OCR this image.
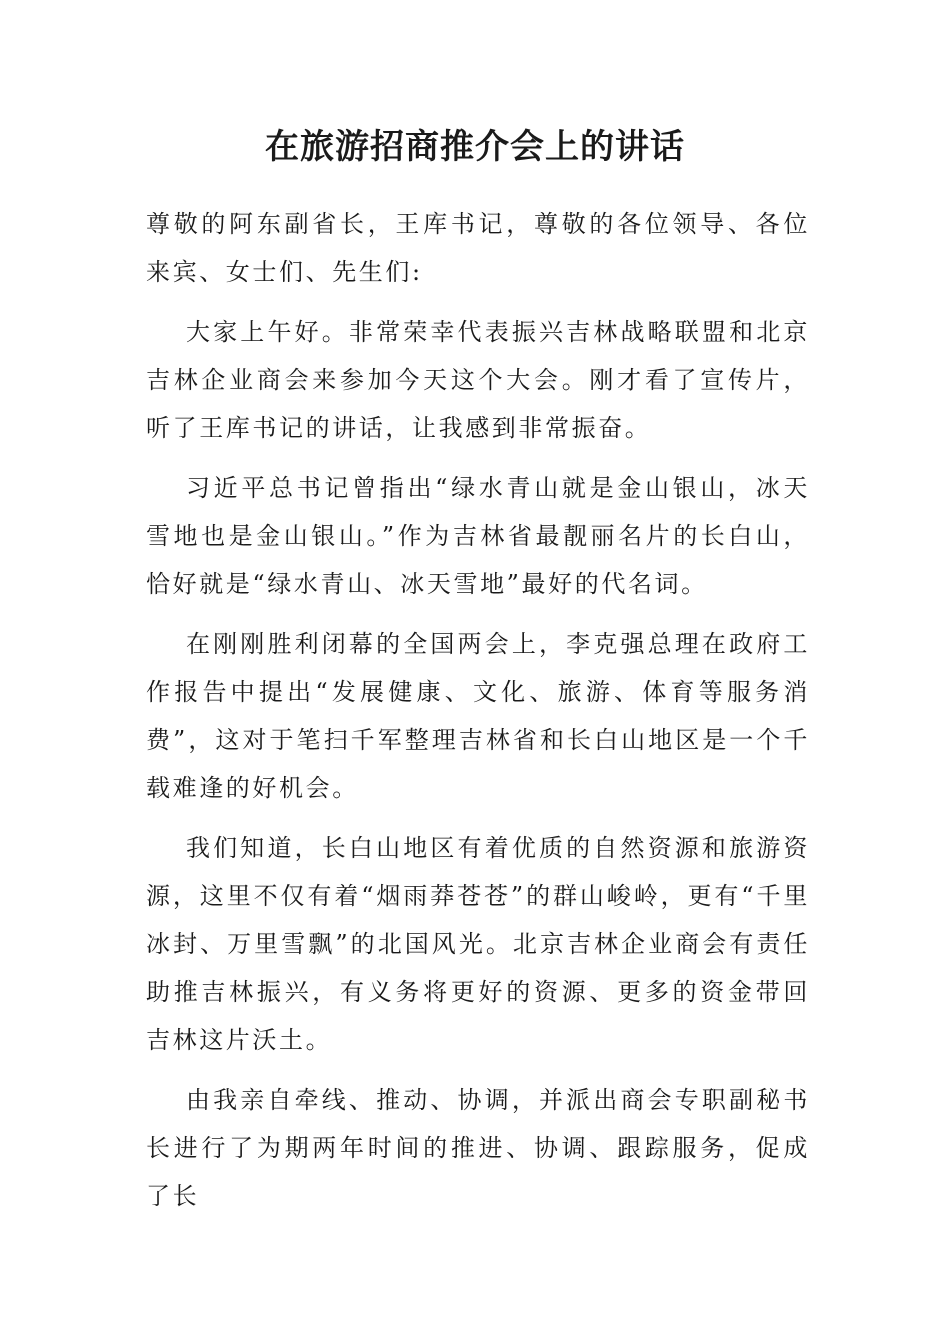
在旅游招商推介会上的讲话

尊敬的阿东副省长，王库书记，尊敬的各位领导、各位来宾、女士们、先生们:

大家上午好。非常荣幸代表振兴吉林战略联盟和北京吉林企业商会来参加今天这个大会。刚才看了宣传片，听了王库书记的讲话，让我感到非常振奋。

习近平总书记曾指出“绿水青山就是金山银山，冰天雪地也是金山银山。”作为吉林省最靓丽名片的长白山，恰好就是“绿水青山、冰天雪地”最好的代名词。

在刚刚胜利闭幕的全国两会上，李克强总理在政府工作报告中提出“发展健康、文化、旅游、体育等服务消费”，这对于笔扫千军整理吉林省和长白山地区是一个千载难逢的好机会。

我们知道，长白山地区有着优质的自然资源和旅游资源，这里不仅有着“烟雨莽苍苍”的群山峻岭，更有“千里冰封、万里雪飘”的北国风光。北京吉林企业商会有责任助推吉林振兴，有义务将更好的资源、更多的资金带回吉林这片沃土。

由我亲自牵线、推动、协调，并派出商会专职副秘书长进行了为期两年时间的推进、协调、跟踪服务，促成了长
